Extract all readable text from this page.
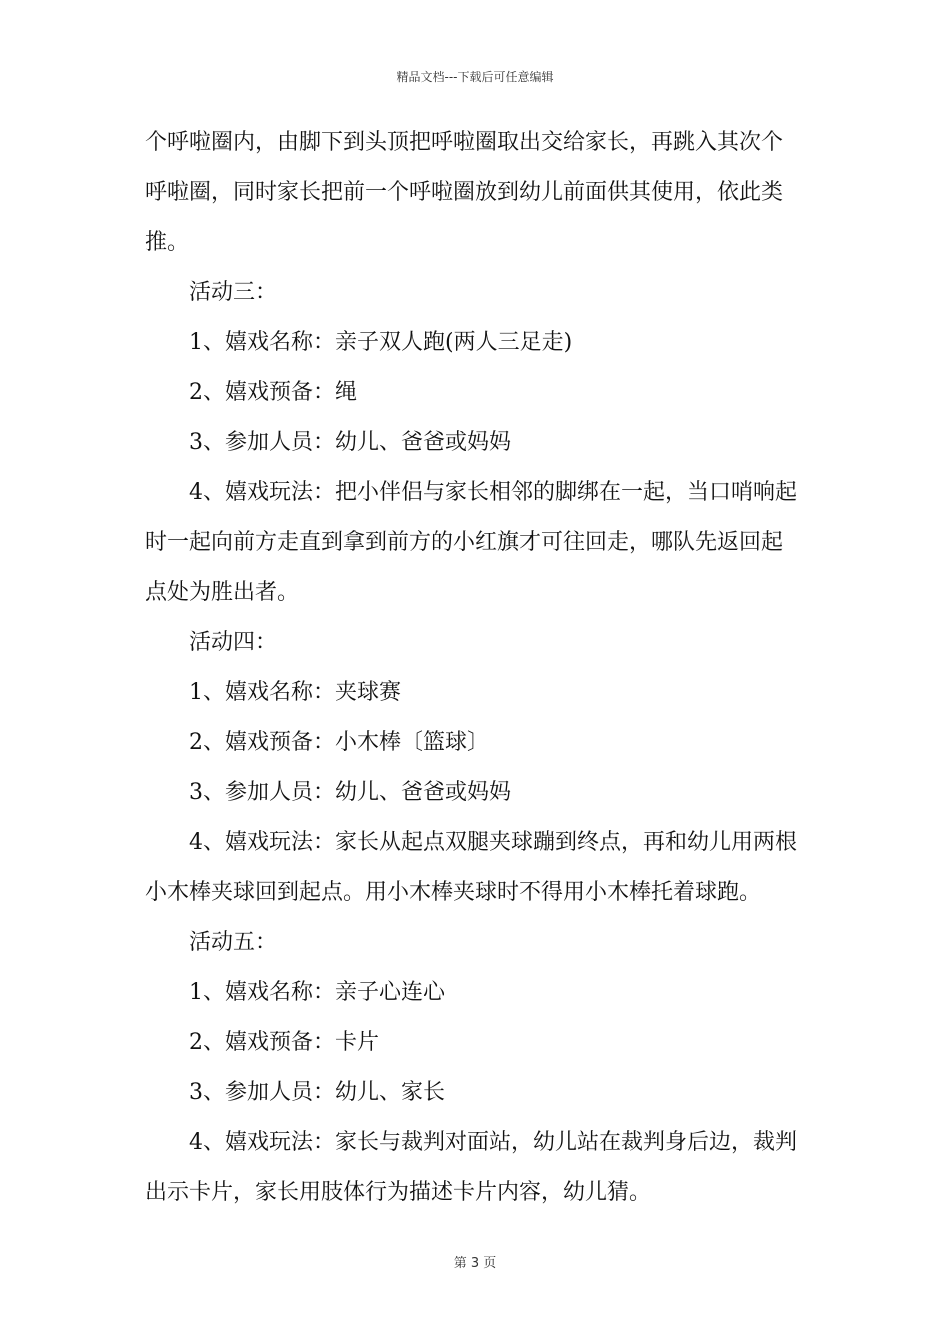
精品文档---下载后可任意编辑
个呼啦圈内，由脚下到头顶把呼啦圈取出交给家长，再跳入其次个
呼啦圈，同时家长把前一个呼啦圈放到幼儿前面供其使用，依此类
推。
活动三：
1、嬉戏名称：亲子双人跑(两人三足走)
2、嬉戏预备：绳
3、参加人员：幼儿、爸爸或妈妈
4、嬉戏玩法：把小伴侣与家长相邻的脚绑在一起，当口哨响起
时一起向前方走直到拿到前方的小红旗才可往回走，哪队先返回起
点处为胜出者。
活动四：
1、嬉戏名称：夹球赛
2、嬉戏预备：小木棒〔篮球〕
3、参加人员：幼儿、爸爸或妈妈
4、嬉戏玩法：家长从起点双腿夹球蹦到终点，再和幼儿用两根
小木棒夹球回到起点。用小木棒夹球时不得用小木棒托着球跑。
活动五：
1、嬉戏名称：亲子心连心
2、嬉戏预备：卡片
3、参加人员：幼儿、家长
4、嬉戏玩法：家长与裁判对面站，幼儿站在裁判身后边，裁判
出示卡片，家长用肢体行为描述卡片内容，幼儿猜。
第 3 页
